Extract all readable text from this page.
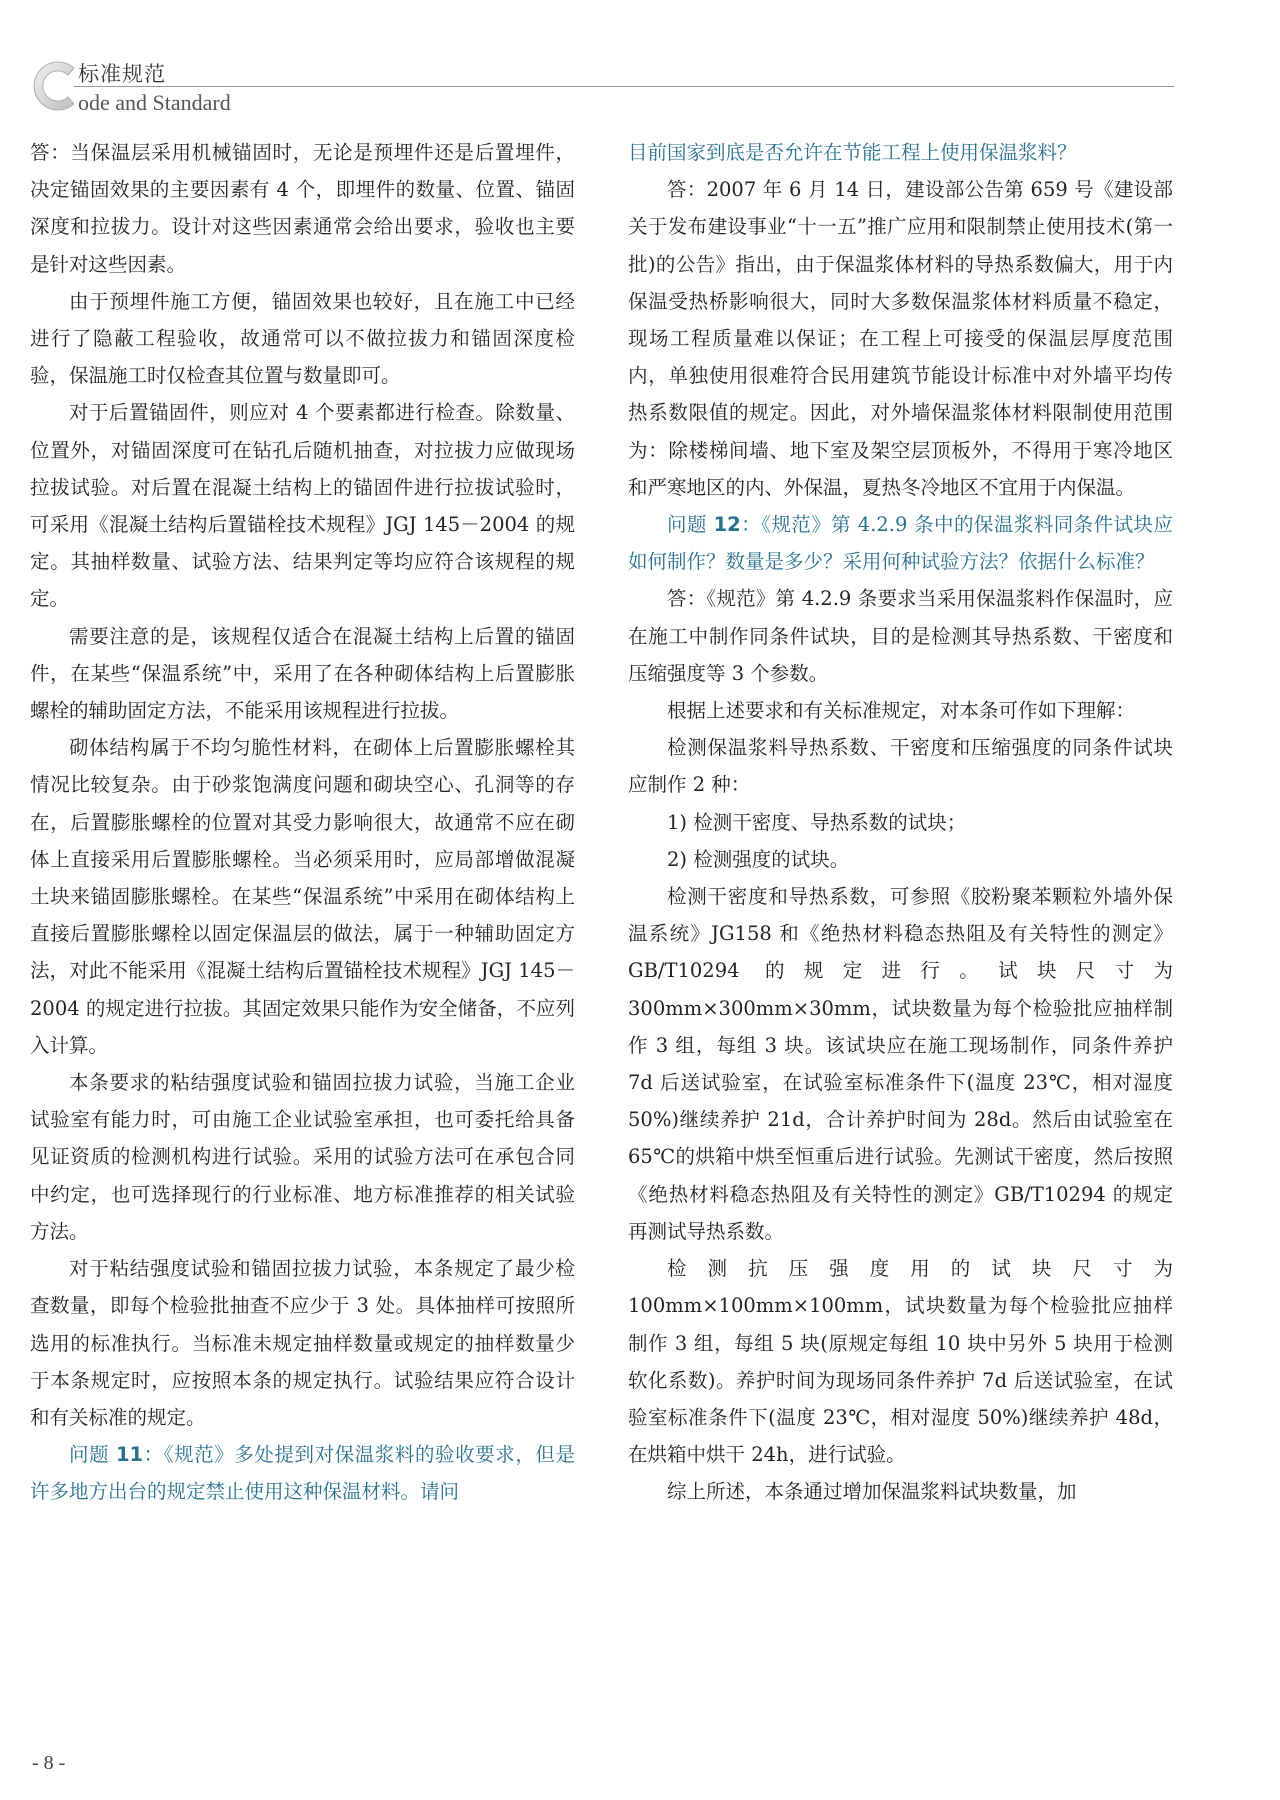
标准规范
ode and Standard

答：当保温层采用机械锚固时，无论是预埋件还是后置埋件，决定锚固效果的主要因素有 4 个，即埋件的数量、位置、锚固深度和拉拔力。设计对这些因素通常会给出要求，验收也主要是针对这些因素。

由于预埋件施工方便，锚固效果也较好，且在施工中已经进行了隐蔽工程验收，故通常可以不做拉拔力和锚固深度检验，保温施工时仅检查其位置与数量即可。

对于后置锚固件，则应对 4 个要素都进行检查。除数量、位置外，对锚固深度可在钻孔后随机抽查，对拉拔力应做现场拉拔试验。对后置在混凝土结构上的锚固件进行拉拔试验时，可采用《混凝土结构后置锚栓技术规程》JGJ 145－2004 的规定。其抽样数量、试验方法、结果判定等均应符合该规程的规定。

需要注意的是，该规程仅适合在混凝土结构上后置的锚固件，在某些“保温系统”中，采用了在各种砌体结构上后置膨胀螺栓的辅助固定方法，不能采用该规程进行拉拔。

砌体结构属于不均匀脆性材料，在砌体上后置膨胀螺栓其情况比较复杂。由于砂浆饱满度问题和砌块空心、孔洞等的存在，后置膨胀螺栓的位置对其受力影响很大，故通常不应在砌体上直接采用后置膨胀螺栓。当必须采用时，应局部增做混凝土块来锚固膨胀螺栓。在某些“保温系统”中采用在砌体结构上直接后置膨胀螺栓以固定保温层的做法，属于一种辅助固定方法，对此不能采用《混凝土结构后置锚栓技术规程》JGJ 145－2004 的规定进行拉拔。其固定效果只能作为安全储备，不应列入计算。

本条要求的粘结强度试验和锚固拉拔力试验，当施工企业试验室有能力时，可由施工企业试验室承担，也可委托给具备见证资质的检测机构进行试验。采用的试验方法可在承包合同中约定，也可选择现行的行业标准、地方标准推荐的相关试验方法。

对于粘结强度试验和锚固拉拔力试验，本条规定了最少检查数量，即每个检验批抽查不应少于 3 处。具体抽样可按照所选用的标准执行。当标准未规定抽样数量或规定的抽样数量少于本条规定时，应按照本条的规定执行。试验结果应符合设计和有关标准的规定。

问题 11：《规范》多处提到对保温浆料的验收要求，但是许多地方出台的规定禁止使用这种保温材料。请问

目前国家到底是否允许在节能工程上使用保温浆料？

答：2007 年 6 月 14 日，建设部公告第 659 号《建设部关于发布建设事业“十一五”推广应用和限制禁止使用技术(第一批)的公告》指出，由于保温浆体材料的导热系数偏大，用于内保温受热桥影响很大，同时大多数保温浆体材料质量不稳定，现场工程质量难以保证；在工程上可接受的保温层厚度范围内，单独使用很难符合民用建筑节能设计标准中对外墙平均传热系数限值的规定。因此，对外墙保温浆体材料限制使用范围为：除楼梯间墙、地下室及架空层顶板外，不得用于寒冷地区和严寒地区的内、外保温，夏热冬冷地区不宜用于内保温。

问题 12：《规范》第 4.2.9 条中的保温浆料同条件试块应如何制作？数量是多少？采用何种试验方法？依据什么标准？

答：《规范》第 4.2.9 条要求当采用保温浆料作保温时，应在施工中制作同条件试块，目的是检测其导热系数、干密度和压缩强度等 3 个参数。

根据上述要求和有关标准规定，对本条可作如下理解：

检测保温浆料导热系数、干密度和压缩强度的同条件试块应制作 2 种：

1) 检测干密度、导热系数的试块；

2) 检测强度的试块。

检测干密度和导热系数，可参照《胶粉聚苯颗粒外墙外保温系统》JG158 和《绝热材料稳态热阻及有关特性的测定》GB/T10294 的规定进行。试块尺寸为 300mm×300mm×30mm，试块数量为每个检验批应抽样制作 3 组，每组 3 块。该试块应在施工现场制作，同条件养护 7d 后送试验室，在试验室标准条件下(温度 23℃，相对湿度 50%)继续养护 21d，合计养护时间为 28d。然后由试验室在 65℃的烘箱中烘至恒重后进行试验。先测试干密度，然后按照《绝热材料稳态热阻及有关特性的测定》GB/T10294 的规定再测试导热系数。

检测抗压强度用的试块尺寸为 100mm×100mm×100mm，试块数量为每个检验批应抽样制作 3 组，每组 5 块(原规定每组 10 块中另外 5 块用于检测软化系数)。养护时间为现场同条件养护 7d 后送试验室，在试验室标准条件下(温度 23℃，相对湿度 50%)继续养护 48d，在烘箱中烘干 24h，进行试验。

综上所述，本条通过增加保温浆料试块数量，加

- 8 -
